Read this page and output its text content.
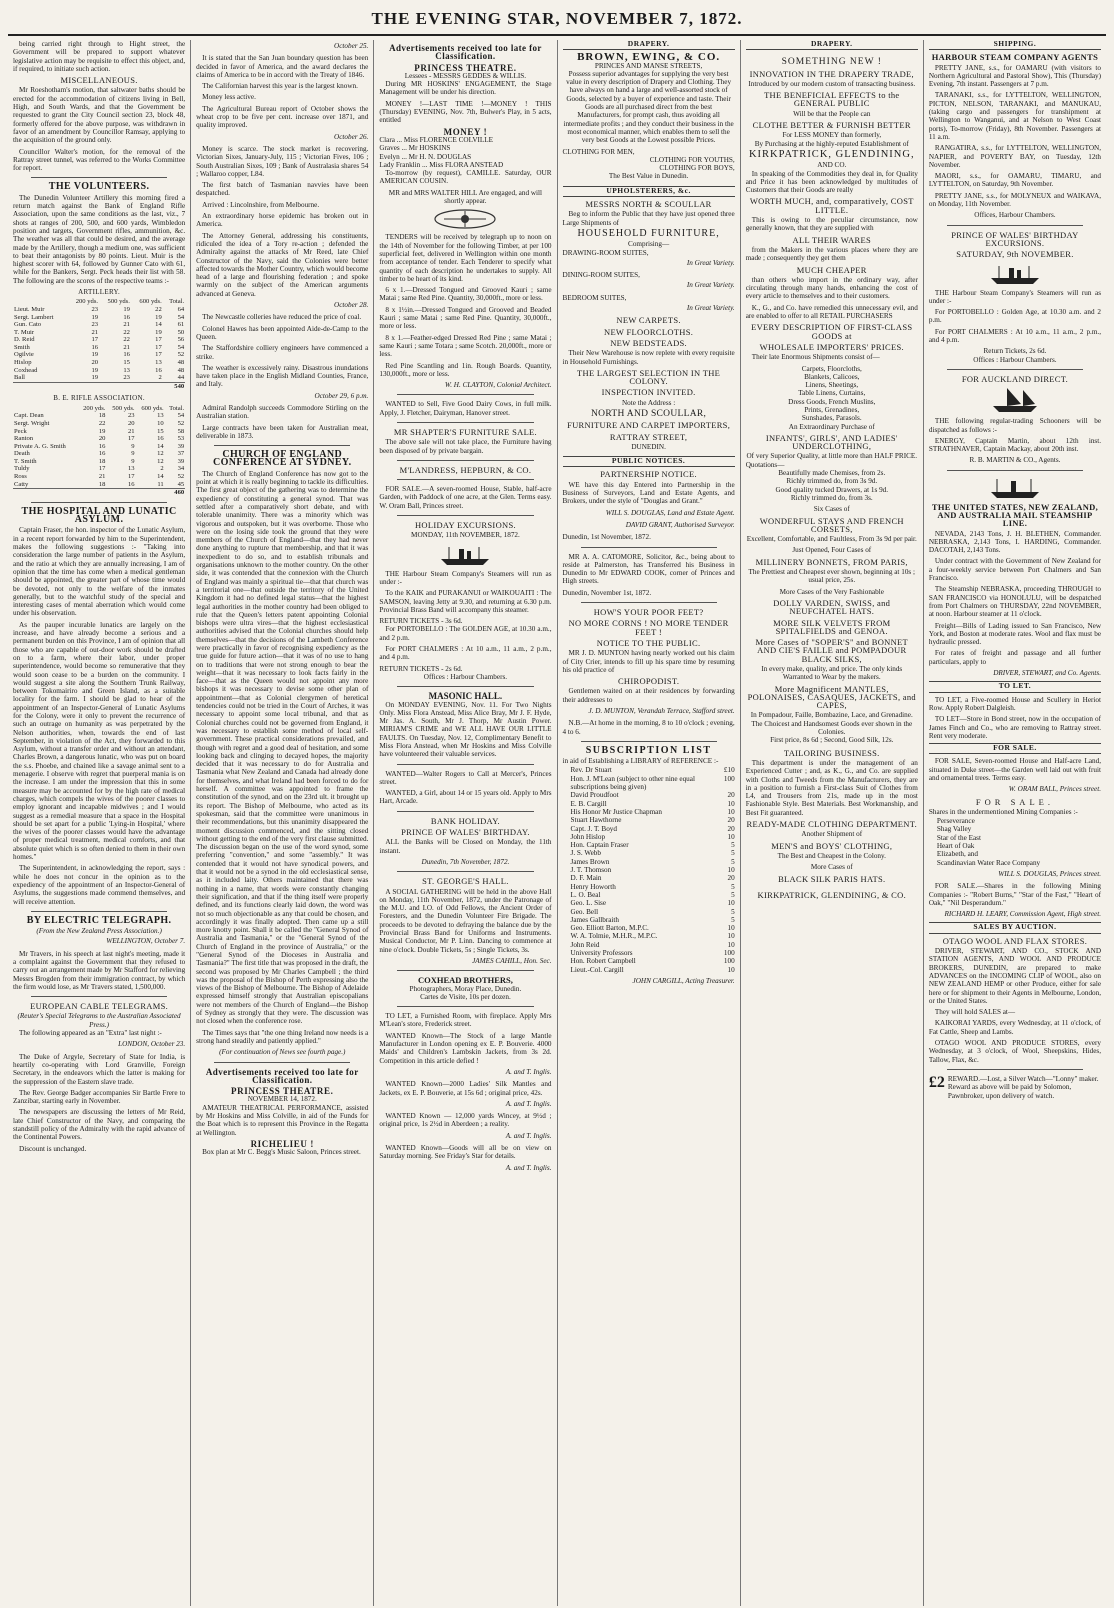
THE EVENING STAR, NOVEMBER 7, 1872.

being carried right through to Hight street, the Government will be prepared to support whatever legislative action may be requisite to effect this object, and, if required, to initiate such action.

MISCELLANEOUS.

Mr Roeshotham's motion, that saltwater baths should be erected for the accommodation of citizens living in Bell, High, and South Wards, and that the Government be requested to grant the City Council section 23, block 48, formerly offered for the above purpose, was withdrawn in favor of an amendment by Councillor Ramsay, applying to the acquisition of the ground only.

Councillor Walter's motion, for the removal of the Rattray street tunnel, was referred to the Works Committee for report.

THE VOLUNTEERS.

The Dunedin Volunteer Artillery this morning fired a return match against the Bank of England Rifle Association, upon the same conditions as the last, viz., 7 shots at ranges of 200, 500, and 600 yards, Wimbledon position and targets, Government rifles, ammunition, &c. The weather was all that could be desired, and the average made by the Artillery, though a medium one, was sufficient to beat their antagonists by 80 points. Lieut. Muir is the highest scorer with 64, followed by Gunner Cato with 61, while for the Bankers, Sergt. Peck heads their list with 58. The following are the scores of the respective teams :-

ARTILLERY.
	200 yds.	500 yds.	600 yds.	Total.
Lieut. Muir	23	19	22	64
Sergt. Lambert	19	16	19	54
Gun. Cato	23	21	14	61
T. Muir	21	22	19	50
D. Reid	17	22	17	56
Smith	16	21	17	54
Ogilvie	19	16	17	52
Hislop	20	15	13	48
Coxhead	19	13	16	48
Ball	19	23	2	44
				540
B. E. RIFLE ASSOCIATION.
	200 yds.	500 yds.	600 yds.	Total.
Capt. Dean	18	23	13	54
Sergt. Wright	22	20	10	52
Peck	19	21	15	58
Ranton	20	17	16	53
Private A. G. Smith	16	9	14	39
Death	16	9	12	37
T. Smith	18	9	12	39
Tuldy	17	13	2	34
Ross	21	17	14	52
Catty	18	16	11	45
				460
THE HOSPITAL AND LUNATIC ASYLUM.

Captain Fraser, the hon. inspector of the Lunatic Asylum, in a recent report forwarded by him to the Superintendent, makes the following suggestions :- "Taking into consideration the large number of patients in the Asylum, and the ratio at which they are annually increasing, I am of opinion that the time has come when a medical gentleman should be appointed, the greater part of whose time would be devoted, not only to the welfare of the inmates generally, but to the watchful study of the special and interesting cases of mental aberration which would come under his observation.

As the pauper incurable lunatics are largely on the increase, and have already become a serious and a permanent burden on this Province, I am of opinion that all those who are capable of out-door work should be drafted on to a farm, where their labor, under proper superintendence, would become so remunerative that they would soon cease to be a burden on the community. I would suggest a site along the Southern Trunk Railway, between Tokomairiro and Green Island, as a suitable locality for the farm. I should be glad to hear of the appointment of an Inspector-General of Lunatic Asylums for the Colony, were it only to prevent the recurrence of such an outrage on humanity as was perpetrated by the Nelson authorities, when, towards the end of last September, in violation of the Act, they forwarded to this Asylum, without a transfer order and without an attendant, Charles Brown, a dangerous lunatic, who was put on board the s.s. Phoebe, and chained like a savage animal sent to a menagerie. I observe with regret that puerperal mania is on the increase. I am under the impression that this in some measure may be accounted for by the high rate of medical charges, which compels the wives of the poorer classes to employ ignorant and incapable midwives ; and I would suggest as a remedial measure that a space in the Hospital should be set apart for a public 'Lying-in Hospital,' where the wives of the poorer classes would have the advantage of proper medical treatment, medical comforts, and that absolute quiet which is so often denied to them in their own homes."

The Superintendent, in acknowledging the report, says : while he does not concur in the opinion as to the expediency of the appointment of an Inspector-General of Asylums, the suggestions made commend themselves, and will receive attention.

BY ELECTRIC TELEGRAPH.
(From the New Zealand Press Association.)
WELLINGTON, October 7.

Mr Travers, in his speech at last night's meeting, made it a complaint against the Government that they refused to carry out an arrangement made by Mr Stafford for relieving Messrs Brogden from their immigration contract, by which the firm would lose, as Mr Travers stated, 1,500,000.

EUROPEAN CABLE TELEGRAMS.
(Reuter's Special Telegrams to the Australian Associated Press.)

The following appeared as an "Extra" last night :-

LONDON, October 23.

The Duke of Argyle, Secretary of State for India, is heartily co-operating with Lord Granville, Foreign Secretary, in the endeavors which the latter is making for the suppression of the Eastern slave trade.

The Rev. George Badger accompanies Sir Bartle Frere to Zanzibar, starting early in November.

The newspapers are discussing the letters of Mr Reid, late Chief Constructor of the Navy, and comparing the standstill policy of the Admiralty with the rapid advance of the Continental Powers.

Discount is unchanged.

October 25.

It is stated that the San Juan boundary question has been decided in favor of America, and the award declares the claims of America to be in accord with the Treaty of 1846.

The Californian harvest this year is the largest known.

Money less active.

The Agricultural Bureau report of October shows the wheat crop to be five per cent. increase over 1871, and quality improved.

October 26.

Money is scarce. The stock market is recovering. Victorian Sixes, January-July, 115 ; Victorian Fives, 106 ; South Australian Sixes, 109 ; Bank of Australasia shares 54 ; Wallaroo copper, L84.

The first batch of Tasmanian navvies have been despatched.

Arrived : Lincolnshire, from Melbourne.

An extraordinary horse epidemic has broken out in America.

The Attorney General, addressing his constituents, ridiculed the idea of a Tory re-action ; defended the Admiralty against the attacks of Mr Reed, late Chief Constructor of the Navy, said the Colonies were better affected towards the Mother Country, which would become head of a large and flourishing federation ; and spoke warmly on the subject of the American arguments advanced at Geneva.

October 28.

The Newcastle colleries have reduced the price of coal.

Colonel Hawes has been appointed Aide-de-Camp to the Queen.

The Staffordshire colliery engineers have commenced a strike.

The weather is excessively rainy. Disastrous inundations have taken place in the English Midland Counties, France, and Italy.

October 29, 6 p.m.

Admiral Randolph succeeds Commodore Stirling on the Australian station.

Large contracts have been taken for Australian meat, deliverable in 1873.

CHURCH OF ENGLAND CONFERENCE AT SYDNEY.

The Church of England Conference has now got to the point at which it is really beginning to tackle its difficulties. The first great object of the gathering was to determine the expediency of constituting a general synod. That was settled after a comparatively short debate, and with tolerable unanimity. There was a minority which was vigorous and outspoken, but it was overborne. Those who were on the losing side took the ground that they were members of the Church of England—that they had never done anything to rupture that membership, and that it was inexpedient to do so, and to establish tribunals and organisations unknown to the mother country. On the other side, it was contended that the connexion with the Church of England was mainly a spiritual tie—that that church was a territorial one—that outside the territory of the United Kingdom it had no defined legal status—that the highest legal authorities in the mother country had been obliged to rule that the Queen's letters patent appointing Colonial bishops were ultra vires—that the highest ecclesiastical authorities advised that the Colonial churches should help themselves—that the decisions of the Lambeth Conference were practically in favor of recognising expediency as the true guide for future action—that it was of no use to hang on to traditions that were not strong enough to bear the weight—that it was necessary to look facts fairly in the face—that as the Queen would not appoint any more bishops it was necessary to devise some other plan of appointment—that as Colonial clergymen of heretical tendencies could not be tried in the Court of Arches, it was necessary to appoint some local tribunal, and that as Colonial churches could not be governed from England, it was necessary to establish some method of local self-government. These practical considerations prevailed, and though with regret and a good deal of hesitation, and some looking back and clinging to decayed hopes, the majority decided that it was necessary to do for Australia and Tasmania what New Zealand and Canada had already done for themselves, and what Ireland had been forced to do for herself. A committee was appointed to frame the constitution of the synod, and on the 23rd ult. it brought up its report. The Bishop of Melbourne, who acted as its spokesman, said that the committee were unanimous in their recommendations, but this unanimity disappeared the moment discussion commenced, and the sitting closed without getting to the end of the very first clause submitted. The discussion began on the use of the word synod, some preferring "convention," and some "assembly." It was contended that it would not have synodical powers, and that it would not be a synod in the old ecclesiastical sense, as it included laity. Others maintained that there was nothing in a name, that words were constantly changing their signification, and that if the thing itself were properly defined, and its functions clearly laid down, the word was not so much objectionable as any that could be chosen, and accordingly it was finally adopted. Then came up a still more knotty point. Shall it be called the "General Synod of Australia and Tasmania," or the "General Synod of the Church of England in the province of Australia," or the "General Synod of the Dioceses in Australia and Tasmania?" The first title that was proposed in the draft, the second was proposed by Mr Charles Campbell ; the third was the proposal of the Bishop of Perth expressing also the views of the Bishop of Melbourne. The Bishop of Adelaide expressed himself strongly that Australian episcopalians were not members of the Church of England—the Bishop of Sydney as strongly that they were. The discussion was not closed when the conference rose.

The Times says that "the one thing Ireland now needs is a strong hand steadily and patiently applied."

(For continuation of News see fourth page.)
Advertisements received too late for Classification.
PRINCESS THEATRE.
NOVEMBER 14, 1872.

AMATEUR THEATRICAL PERFORMANCE, assisted by Mr Hoskins and Miss Colville, in aid of the Funds for the Boat which is to represent this Province in the Regatta at Wellington.

RICHELIEU !

Box plan at Mr C. Begg's Music Saloon, Princes street.

Advertisements received too late for Classification.
PRINCESS THEATRE.
Lessees - MESSRS GEDDES & WILLIS.

During MR HOSKINS' ENGAGEMENT, the Stage Management will be under his direction.

MONEY !—LAST TIME !—MONEY ! THIS (Thursday) EVENING, Nov. 7th, Bulwer's Play, in 5 acts, entitled

MONEY !
Clara ... Miss FLORENCE COLVILLE
Graves ... Mr HOSKINS
Evelyn ... Mr H. N. DOUGLAS
Lady Franklin ... Miss FLORA ANSTEAD

To-morrow (by request), CAMILLE. Saturday, OUR AMERICAN COUSIN.

MR and MRS WALTER HILL Are engaged, and will shortly appear.

TENDERS will be received by telegraph up to noon on the 14th of November for the following Timber, at per 100 superficial feet, delivered in Wellington within one month from acceptance of tender. Each Tenderer to specify what quantity of each description he undertakes to supply. All timber to be heart of its kind.

6 x 1.—Dressed Tongued and Grooved Kauri ; same Matai ; same Red Pine. Quantity, 30,000ft., more or less.

8 x 1½in.—Dressed Tongued and Grooved and Beaded Kauri ; same Matai ; same Red Pine. Quantity, 30,000ft., more or less.

8 x 1.—Feather-edged Dressed Red Pine ; same Matai ; same Kauri ; same Totara ; same Scotch. 20,000ft., more or less.

Red Pine Scantling and 1in. Rough Boards. Quantity, 130,000ft., more or less.

W. H. CLAYTON, Colonial Architect.

WANTED to Sell, Five Good Dairy Cows, in full milk. Apply, J. Fletcher, Dairyman, Hanover street.

MR SHAPTER'S FURNITURE SALE.

The above sale will not take place, the Furniture having been disposed of by private bargain.

M'LANDRESS, HEPBURN, & CO.

FOR SALE.—A seven-roomed House, Stable, half-acre Garden, with Paddock of one acre, at the Glen. Terms easy. W. Oram Ball, Princes street.

HOLIDAY EXCURSIONS.
MONDAY, 11th NOVEMBER, 1872.

THE Harbour Steam Company's Steamers will run as under :-

To the KAIK and PURAKANUI or WAIKOUAITI : The SAMSON, leaving Jetty at 9.30, and returning at 6.30 p.m. Provincial Brass Band will accompany this steamer.

RETURN TICKETS - 3s 6d.

For PORTOBELLO : The GOLDEN AGE, at 10.30 a.m., and 2 p.m.

For PORT CHALMERS : At 10 a.m., 11 a.m., 2 p.m., and 4 p.m.

RETURN TICKETS - 2s 6d.
Offices : Harbour Chambers.
MASONIC HALL.

On MONDAY EVENING, Nov. 11. For Two Nights Only. Miss Flora Anstead, Miss Alice Bray, Mr J. F. Hyde, Mr Jas. A. South, Mr J. Thorp, Mr Austin Power. MIRIAM'S CRIME and WE ALL HAVE OUR LITTLE FAULTS. On Tuesday, Nov. 12, Complimentary Benefit to Miss Flora Anstead, when Mr Hoskins and Miss Colville have volunteered their valuable services.

WANTED—Walter Rogers to Call at Mercer's, Princes street.

WANTED, a Girl, about 14 or 15 years old. Apply to Mrs Hart, Arcade.

BANK HOLIDAY.
PRINCE OF WALES' BIRTHDAY.

ALL the Banks will be Closed on Monday, the 11th instant.

Dunedin, 7th November, 1872.
ST. GEORGE'S HALL.

A SOCIAL GATHERING will be held in the above Hall on Monday, 11th November, 1872, under the Patronage of the M.U. and I.O. of Odd Fellows, the Ancient Order of Foresters, and the Dunedin Volunteer Fire Brigade. The proceeds to be devoted to defraying the balance due by the Provincial Brass Band for Uniforms and Instruments. Musical Conductor, Mr P. Linn. Dancing to commence at nine o'clock. Double Tickets, 5s ; Single Tickets, 3s.

JAMES CAHILL, Hon. Sec.
COXHEAD BROTHERS,
Photographers, Moray Place, Dunedin.
Cartes de Visite, 10s per dozen.

TO LET, a Furnished Room, with fireplace. Apply Mrs M'Lean's store, Frederick street.

WANTED Known—The Stock of a large Mantle Manufacturer in London opening ex E. P. Bouverie. 4000 Maids' and Children's Lambskin Jackets, from 3s 2d. Competition in this article defied !

A. and T. Inglis.

WANTED Known—2000 Ladies' Silk Mantles and Jackets, ex E. P. Bouverie, at 15s 6d ; original price, 42s.

A. and T. Inglis.

WANTED Known — 12,000 yards Wincey, at 9½d ; original price, 1s 2½d in Aberdeen ; a reality.

A. and T. Inglis.

WANTED Known—Goods will all be on view on Saturday morning. See Friday's Star for details.

A. and T. Inglis.
DRAPERY.
BROWN, EWING, & CO.
PRINCES AND MANSE STREETS,

Possess superior advantages for supplying the very best value in every description of Drapery and Clothing. They have always on hand a large and well-assorted stock of Goods, selected by a buyer of experience and taste. Their Goods are all purchased direct from the best Manufacturers, for prompt cash, thus avoiding all intermediate profits ; and they conduct their business in the most economical manner, which enables them to sell the very best Goods at the Lowest possible Prices.

CLOTHING FOR MEN,
CLOTHING FOR YOUTHS,
CLOTHING FOR BOYS,
The Best Value in Dunedin.
UPHOLSTERERS, &c.
MESSRS NORTH & SCOULLAR

Beg to inform the Public that they have just opened three Large Shipments of

HOUSEHOLD FURNITURE,
Comprising—
DRAWING-ROOM SUITES,
In Great Variety.
DINING-ROOM SUITES,
In Great Variety.
BEDROOM SUITES,
In Great Variety.
NEW CARPETS.
NEW FLOORCLOTHS.
NEW BEDSTEADS.

Their New Warehouse is now replete with every requisite in Household Furnishings.

THE LARGEST SELECTION IN THE COLONY.
INSPECTION INVITED.
Note the Address :
NORTH AND SCOULLAR,
FURNITURE AND CARPET IMPORTERS,
RATTRAY STREET,
DUNEDIN.
PUBLIC NOTICES.
PARTNERSHIP NOTICE.

WE have this day Entered into Partnership in the Business of Surveyors, Land and Estate Agents, and Brokers, under the style of "Douglas and Grant."

WILL S. DOUGLAS, Land and Estate Agent.
DAVID GRANT, Authorised Surveyor.
Dunedin, 1st November, 1872.

MR A. A. CATOMORE, Solicitor, &c., being about to reside at Palmerston, has Transferred his Business in Dunedin to Mr EDWARD COOK, corner of Princes and High streets.

Dunedin, November 1st, 1872.
HOW'S YOUR POOR FEET?
NO MORE CORNS ! NO MORE TENDER FEET !
NOTICE TO THE PUBLIC.

MR J. D. MUNTON having nearly worked out his claim of City Crier, intends to fill up his spare time by resuming his old practice of

CHIROPODIST.

Gentlemen waited on at their residences by forwarding their addresses to

J. D. MUNTON, Verandah Terrace, Stafford street.

N.B.—At home in the morning, 8 to 10 o'clock ; evening, 4 to 6.

SUBSCRIPTION LIST
in aid of Establishing a LIBRARY of REFERENCE :-
Rev. Dr Stuart	£10
Hon. J. M'Lean (subject to other nine equal subscriptions being given)
100
David Proudfoot	20
E. B. Cargill	10
His Honor Mr Justice Chapman	10
Stuart Hawthorne	20
Capt. J. T. Boyd	20
John Hislop	10
Hon. Captain Fraser	5
J. S. Webb	5
James Brown	5
J. T. Thomson	10
D. F. Main	20
Henry Howorth	5
L. O. Beal	5
Geo. L. Sise	10
Geo. Bell	5
James Gallbraith	5
Geo. Elliott Barton, M.P.C.	10
W. A. Tolmie, M.H.R., M.P.C.	10
John Reid	10
University Professors	100
Hon. Robert Campbell	100
Lieut.-Col. Cargill	10
JOHN CARGILL, Acting Treasurer.
DRAPERY.
SOMETHING NEW !
INNOVATION IN THE DRAPERY TRADE,
Introduced by our modern custom of transacting business.
THE BENEFICIAL EFFECTS to the GENERAL PUBLIC
Will be that the People can
CLOTHE BETTER & FURNISH BETTER
For LESS MONEY than formerly,
By Purchasing at the highly-reputed Establishment of
KIRKPATRICK, GLENDINING,
AND CO.

In speaking of the Commodities they deal in, for Quality and Price it has been acknowledged by multitudes of Customers that their Goods are really

WORTH MUCH, and, comparatively, COST LITTLE.

This is owing to the peculiar circumstance, now generally known, that they are supplied with

ALL THEIR WARES

from the Makers in the various places where they are made ; consequently they get them

MUCH CHEAPER

than others who import in the ordinary way, after circulating through many hands, enhancing the cost of every article to themselves and to their customers.

K., G., and Co. have remedied this unnecessary evil, and are enabled to offer to all RETAIL PURCHASERS

EVERY DESCRIPTION OF FIRST-CLASS GOODS at
WHOLESALE IMPORTERS' PRICES.

Their late Enormous Shipments consist of—

Carpets, Floorcloths,
Blankets, Calicoes,
Linens, Sheetings,
Table Linens, Curtains,
Dress Goods, French Muslins,
Prints, Grenadines,
Sunshades, Parasols.
An Extraordinary Purchase of
INFANTS', GIRLS', AND LADIES' UNDERCLOTHING,
Of very Superior Quality, at little more than HALF PRICE.
Quotations—
Beautifully made Chemises, from 2s.
Richly trimmed do, from 3s 9d.
Good quality tucked Drawers, at 1s 9d.
Richly trimmed do, from 3s.
Six Cases of
WONDERFUL STAYS AND FRENCH CORSETS,
Excellent, Comfortable, and Faultless, From 3s 9d per pair.
Just Opened, Four Cases of
MILLINERY BONNETS, FROM PARIS,
The Prettiest and Cheapest ever shown, beginning at 10s ; usual price, 25s.
More Cases of the Very Fashionable
DOLLY VARDEN, SWISS, and NEUFCHATEL HATS.
MORE SILK VELVETS FROM SPITALFIELDS and GENOA.
More Cases of "SOPER'S" and BONNET AND CIE'S FAILLE and POMPADOUR BLACK SILKS,
In every make, quality, and price. The only kinds Warranted to Wear by the makers.
More Magnificent MANTLES, POLONAISES, CASAQUES, JACKETS, and CAPES,
In Pompadour, Faille, Bombazine, Lace, and Grenadine.
The Choicest and Handsomest Goods ever shown in the Colonies.
First price, 8s 6d ; Second, Good Silk, 12s.
TAILORING BUSINESS.

This department is under the management of an Experienced Cutter ; and, as K., G., and Co. are supplied with Cloths and Tweeds from the Manufacturers, they are in a position to furnish a First-class Suit of Clothes from L4, and Trousers from 21s, made up in the most Fashionable Style. Best Materials. Best Workmanship, and Best Fit guaranteed.

READY-MADE CLOTHING DEPARTMENT.
Another Shipment of
MEN'S and BOYS' CLOTHING,
The Best and Cheapest in the Colony.
More Cases of
BLACK SILK PARIS HATS.
KIRKPATRICK, GLENDINING, & CO.
SHIPPING.
HARBOUR STEAM COMPANY AGENTS

PRETTY JANE, s.s., for OAMARU (with visitors to Northern Agricultural and Pastoral Show), This (Thursday) Evening, 7th instant. Passengers at 7 p.m.

TARANAKI, s.s., for LYTTELTON, WELLINGTON, PICTON, NELSON, TARANAKI, and MANUKAU, (taking cargo and passengers for transhipment at Wellington to Wanganui, and at Nelson to West Coast ports), To-morrow (Friday), 8th November. Passengers at 11 a.m.

RANGATIRA, s.s., for LYTTELTON, WELLINGTON, NAPIER, and POVERTY BAY, on Tuesday, 12th November.

MAORI, s.s., for OAMARU, TIMARU, and LYTTELTON, on Saturday, 9th November.

PRETTY JANE, s.s., for MOLYNEUX and WAIKAVA, on Monday, 11th November.

Offices, Harbour Chambers.
PRINCE OF WALES' BIRTHDAY EXCURSIONS.
SATURDAY, 9th NOVEMBER.

THE Harbour Steam Company's Steamers will run as under :-

For PORTOBELLO : Golden Age, at 10.30 a.m. and 2 p.m.

For PORT CHALMERS : At 10 a.m., 11 a.m., 2 p.m., and 4 p.m.

Return Tickets, 2s 6d.
Offices : Harbour Chambers.
FOR AUCKLAND DIRECT.

THE following regular-trading Schooners will be dispatched as follows :-

ENERGY, Captain Martin, about 12th inst. STRATHNAVER, Captain Mackay, about 20th inst.

R. B. MARTIN & CO., Agents.
THE UNITED STATES, NEW ZEALAND, AND AUSTRALIA MAIL STEAMSHIP LINE.

NEVADA, 2143 Tons, J. H. BLETHEN, Commander. NEBRASKA, 2,143 Tons, I. HARDING, Commander. DACOTAH, 2,143 Tons.

Under contract with the Government of New Zealand for a four-weekly service between Port Chalmers and San Francisco.

The Steamship NEBRASKA, proceeding THROUGH to SAN FRANCISCO via HONOLULU, will be despatched from Port Chalmers on THURSDAY, 22nd NOVEMBER, at noon. Harbour steamer at 11 o'clock.

Freight—Bills of Lading issued to San Francisco, New York, and Boston at moderate rates. Wool and flax must be hydraulic pressed.

For rates of freight and passage and all further particulars, apply to

DRIVER, STEWART, and Co. Agents.
TO LET.

TO LET, a Five-roomed House and Scullery in Heriot Row. Apply Robert Dalgleish.

TO LET—Store in Bond street, now in the occupation of James Finch and Co., who are removing to Rattray street. Rent very moderate.

FOR SALE.

FOR SALE, Seven-roomed House and Half-acre Land, situated in Duke street—the Garden well laid out with fruit and ornamental trees. Terms easy.

W. ORAM BALL, Princes street.
FOR SALE.
Shares in the undermentioned Mining Companies :-
Perseverance
Shag Valley
Star of the East
Heart of Oak
Elizabeth, and
Scandinavian Water Race Company
WILL S. DOUGLAS, Princes street.

FOR SALE.—Shares in the following Mining Companies :- "Robert Burns," "Star of the Fast," "Heart of Oak," "Nil Desperandum."

RICHARD H. LEARY, Commission Agent, High street.
SALES BY AUCTION.
OTAGO WOOL AND FLAX STORES.

DRIVER, STEWART, AND CO., STOCK AND STATION AGENTS, AND WOOL AND PRODUCE BROKERS, DUNEDIN, are prepared to make ADVANCES on the INCOMING CLIP of WOOL, also on NEW ZEALAND HEMP or other Produce, either for sale here or for shipment to their Agents in Melbourne, London, or the United States.

They will hold SALES at—

KAIKORAI YARDS, every Wednesday, at 11 o'clock, of Fat Cattle, Sheep and Lambs.

OTAGO WOOL AND PRODUCE STORES, every Wednesday, at 3 o'clock, of Wool, Sheepskins, Hides, Tallow, Flax, &c.

£2 REWARD.—Lost, a Silver Watch—"Lonny" maker. Reward as above will be paid by Solomon, Pawnbroker, upon delivery of watch.
